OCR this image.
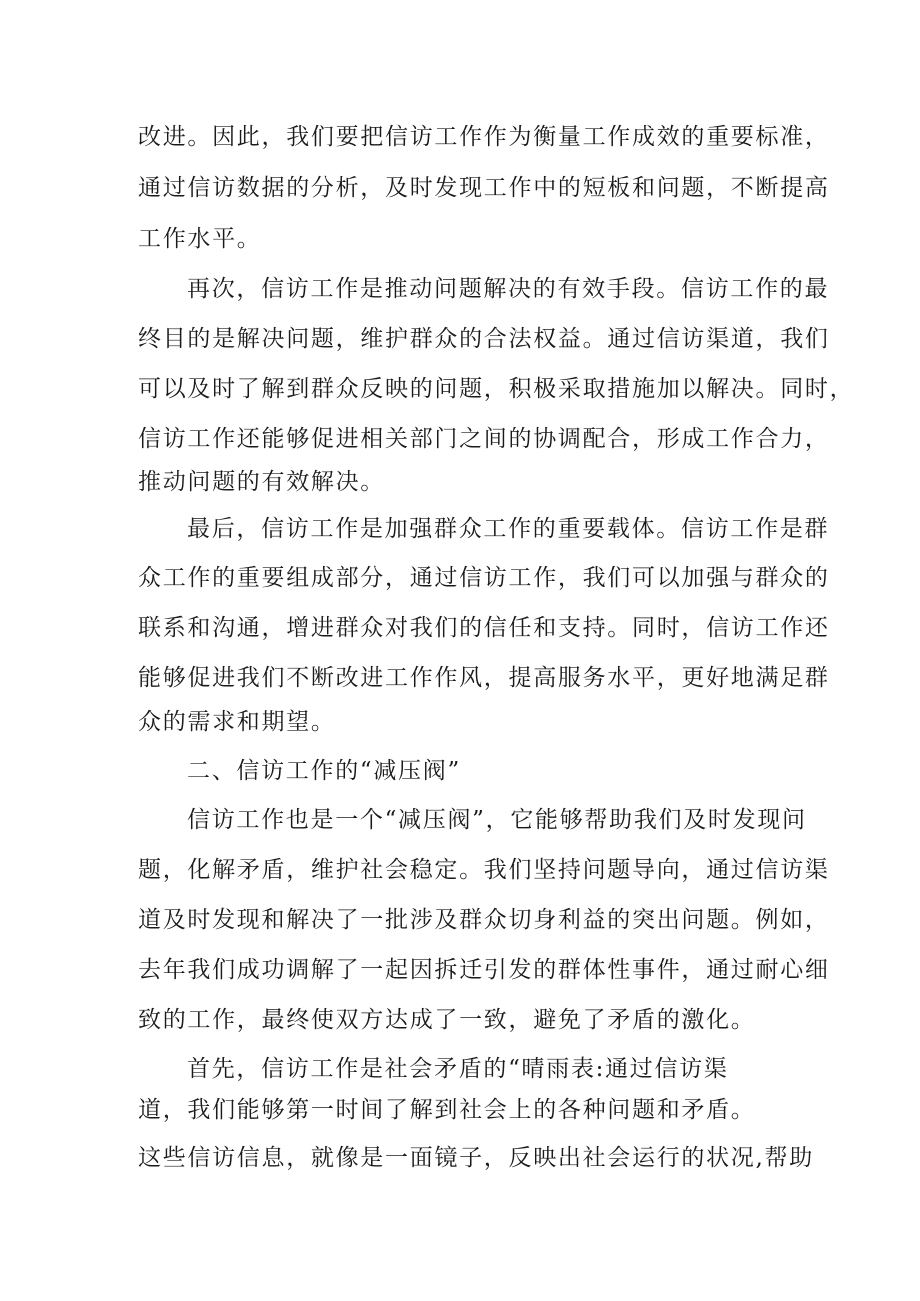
改进。因此，我们要把信访工作作为衡量工作成效的重要标准，

通过信访数据的分析，及时发现工作中的短板和问题，不断提高

工作水平。

再次，信访工作是推动问题解决的有效手段。信访工作的最

终目的是解决问题，维护群众的合法权益。通过信访渠道，我们

可以及时了解到群众反映的问题，积极采取措施加以解决。同时，

信访工作还能够促进相关部门之间的协调配合，形成工作合力，

推动问题的有效解决。

最后，信访工作是加强群众工作的重要载体。信访工作是群

众工作的重要组成部分，通过信访工作，我们可以加强与群众的

联系和沟通，增进群众对我们的信任和支持。同时，信访工作还

能够促进我们不断改进工作作风，提高服务水平，更好地满足群

众的需求和期望。

二、信访工作的“减压阀”

信访工作也是一个“减压阀”，它能够帮助我们及时发现问

题，化解矛盾，维护社会稳定。我们坚持问题导向，通过信访渠

道及时发现和解决了一批涉及群众切身利益的突出问题。例如，

去年我们成功调解了一起因拆迁引发的群体性事件，通过耐心细

致的工作，最终使双方达成了一致，避免了矛盾的激化。

首先，信访工作是社会矛盾的“晴雨表:通过信访渠

道，我们能够第一时间了解到社会上的各种问题和矛盾。

这些信访信息，就像是一面镜子，反映出社会运行的状况,帮助
